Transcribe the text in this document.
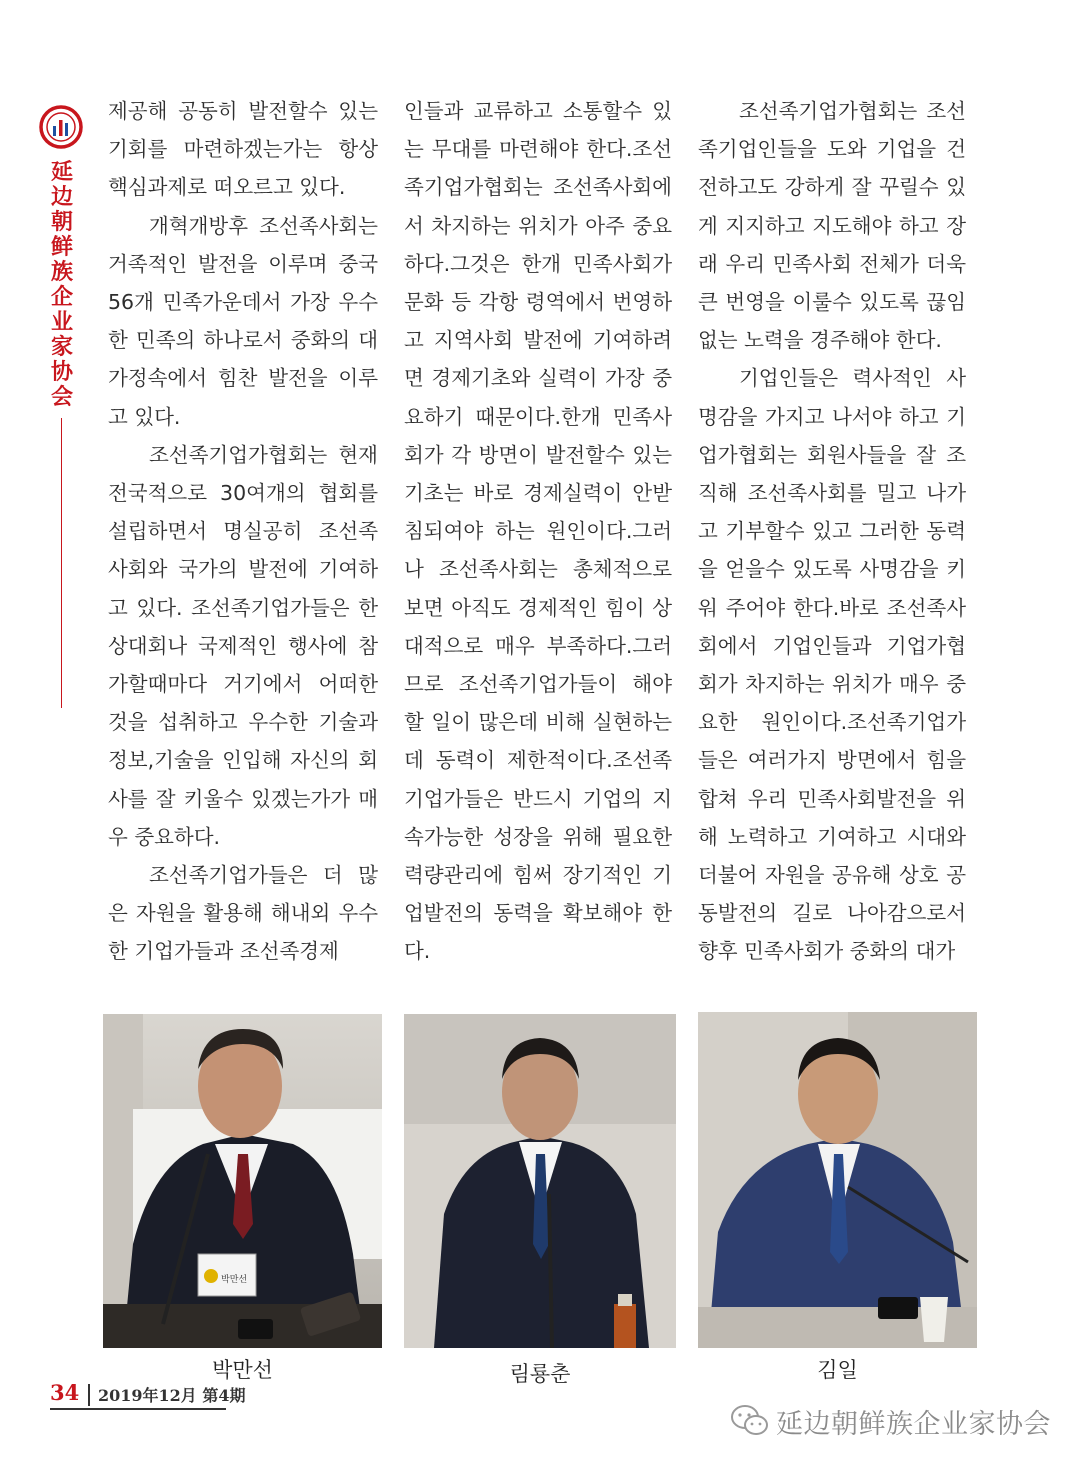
延边朝鲜族企业家协会

제공해 공동히 발전할수 있는 기회를 마련하겠는가는 항상 핵심과제로 떠오르고 있다.

개혁개방후 조선족사회는 거족적인 발전을 이루며 중국 56개 민족가운데서 가장 우수한 민족의 하나로서 중화의 대가정속에서 힘찬 발전을 이루고 있다.

조선족기업가협회는 현재 전국적으로 30여개의 협회를 설립하면서 명실공히 조선족사회와 국가의 발전에 기여하고 있다. 조선족기업가들은 한상대회나 국제적인 행사에 참가할때마다 거기에서 어떠한 것을 섭취하고 우수한 기술과 정보,기술을 인입해 자신의 회사를 잘 키울수 있겠는가가 매우 중요하다.

조선족기업가들은 더 많은 자원을 활용해 해내외 우수한 기업가들과 조선족경제

인들과 교류하고 소통할수 있는 무대를 마련해야 한다.조선족기업가협회는 조선족사회에서 차지하는 위치가 아주 중요하다.그것은 한개 민족사회가 문화 등 각항 령역에서 번영하고 지역사회 발전에 기여하려면 경제기초와 실력이 가장 중요하기 때문이다.한개 민족사회가 각 방면이 발전할수 있는 기초는 바로 경제실력이 안받침되여야 하는 원인이다.그러나 조선족사회는 총체적으로 보면 아직도 경제적인 힘이 상대적으로 매우 부족하다.그러므로 조선족기업가들이 해야 할 일이 많은데 비해 실현하는데 동력이 제한적이다.조선족기업가들은 반드시 기업의 지속가능한 성장을 위해 필요한 력량관리에 힘써 장기적인 기업발전의 동력을 확보해야 한다.

조선족기업가협회는 조선족기업인들을 도와 기업을 건전하고도 강하게 잘 꾸릴수 있게 지지하고 지도해야 하고 장래 우리 민족사회 전체가 더욱 큰 번영을 이룰수 있도록 끊임없는 노력을 경주해야 한다.

기업인들은 력사적인 사명감을 가지고 나서야 하고 기업가협회는 회원사들을 잘 조직해 조선족사회를 밀고 나가고 기부할수 있고 그러한 동력을 얻을수 있도록 사명감을 키워 주어야 한다.바로 조선족사회에서 기업인들과 기업가협회가 차지하는 위치가 매우 중요한 원인이다.조선족기업가들은 여러가지 방면에서 힘을 합쳐 우리 민족사회발전을 위해 노력하고 기여하고 시대와 더불어 자원을 공유해 상호 공동발전의 길로 나아감으로서 향후 민족사회가 중화의 대가

박만선
박만선	림룡춘	김일
34 2019年12月 第4期
延边朝鲜族企业家协会
